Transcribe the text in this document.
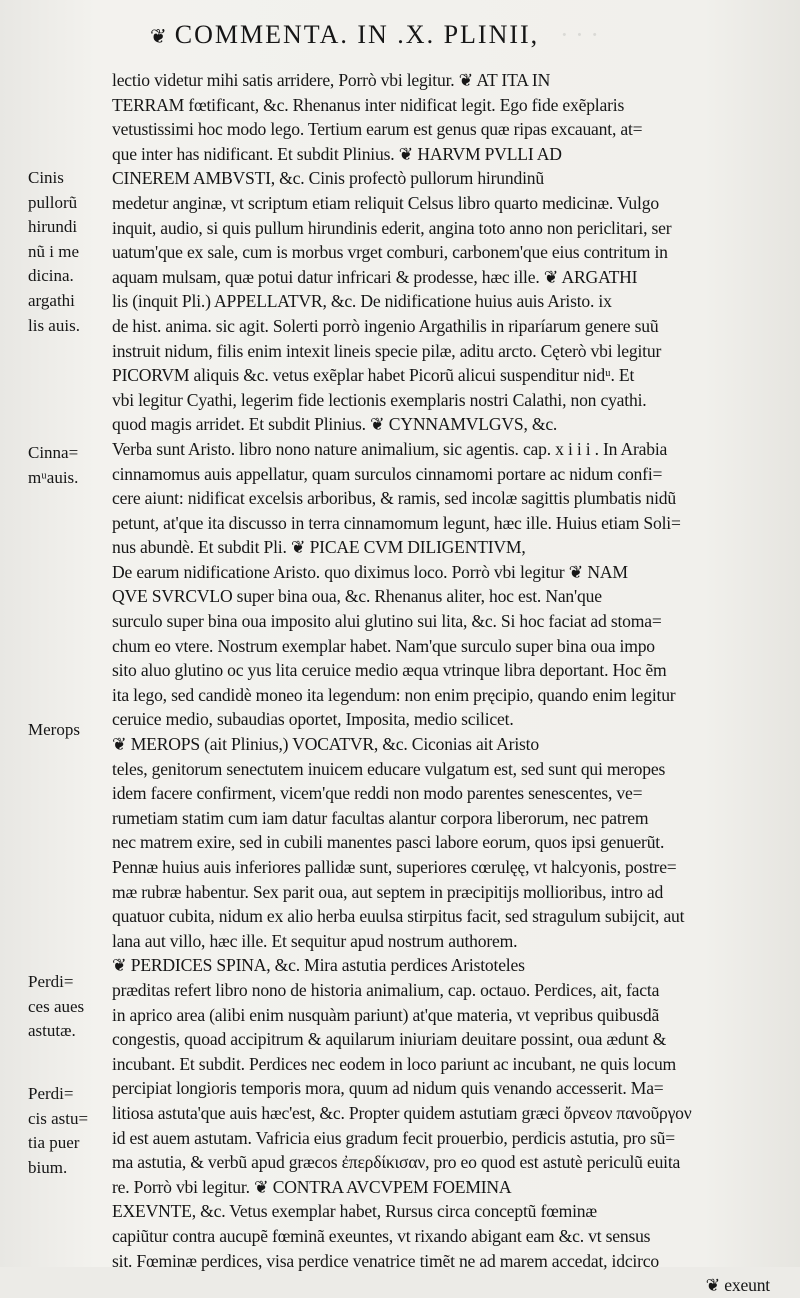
· · ·
❦ COMMENTA. IN .X. PLINII,
lectio videtur mihi satis arridere, Porrò vbi legitur. ❦ AT ITA IN
TERRAM fœtificant, &c. Rhenanus inter nidificat legit. Ego fide exẽplaris
vetustissimi hoc modo lego. Tertium earum est genus quæ ripas excauant, at=
que inter has nidificant. Et subdit Plinius. ❦ HARVM PVLLI AD
CINEREM AMBVSTI, &c. Cinis profectò pullorum hirundinũ
medetur anginæ, vt scriptum etiam reliquit Celsus libro quarto medicinæ. Vulgo
inquit, audio, si quis pullum hirundinis ederit, angina toto anno non periclitari, ser
uatum'que ex sale, cum is morbus vrget comburi, carbonem'que eius contritum in
aquam mulsam, quæ potui datur infricari & prodesse, hæc ille. ❦ ARGATHI
lis (inquit Pli.) APPELLATVR, &c. De nidificatione huius auis Aristo. ix
de hist. anima. sic agit. Solerti porrò ingenio Argathilis in riparíarum genere suũ
instruit nidum, filis enim intexit lineis specie pilæ, aditu arcto. Cęterò vbi legitur
PICORVM aliquis &c. vetus exẽplar habet Picorũ alicui suspenditur nidᵘ. Et
vbi legitur Cyathi, legerim fide lectionis exemplaris nostri Calathi, non cyathi.
quod magis arridet. Et subdit Plinius. ❦ CYNNAMVLGVS, &c.
Verba sunt Aristo. libro nono nature animalium, sic agentis. cap. x i i i . In Arabia
cinnamomus auis appellatur, quam surculos cinnamomi portare ac nidum confi=
cere aiunt: nidificat excelsis arboribus, & ramis, sed incolæ sagittis plumbatis nidũ
petunt, at'que ita discusso in terra cinnamomum legunt, hæc ille. Huius etiam Soli=
nus abundè. Et subdit Pli. ❦ PICAE CVM DILIGENTIVM,
De earum nidificatione Aristo. quo diximus loco. Porrò vbi legitur ❦ NAM
QVE SVRCVLO super bina oua, &c. Rhenanus aliter, hoc est. Nan'que
surculo super bina oua imposito alui glutino sui lita, &c. Si hoc faciat ad stoma=
chum eo vtere. Nostrum exemplar habet. Nam'que surculo super bina oua impo
sito aluo glutino oc yus lita ceruice medio æqua vtrinque libra deportant. Hoc ẽm
ita lego, sed candidè moneo ita legendum: non enim pręcipio, quando enim legitur
ceruice medio, subaudias oportet, Imposita, medio scilicet.
❦ MEROPS (ait Plinius,) VOCATVR, &c. Ciconias ait Aristo
teles, genitorum senectutem inuicem educare vulgatum est, sed sunt qui meropes
idem facere confirment, vicem'que reddi non modo parentes senescentes, ve=
rumetiam statim cum iam datur facultas alantur corpora liberorum, nec patrem
nec matrem exire, sed in cubili manentes pasci labore eorum, quos ipsi genuerũt.
Pennæ huius auis inferiores pallidæ sunt, superiores cœrulęę, vt halcyonis, postre=
mæ rubræ habentur. Sex parit oua, aut septem in præcipitijs mollioribus, intro ad
quatuor cubita, nidum ex alio herba euulsa stirpitus facit, sed stragulum subijcit, aut
lana aut villo, hæc ille. Et sequitur apud nostrum authorem.
❦ PERDICES SPINA, &c. Mira astutia perdices Aristoteles
præditas refert libro nono de historia animalium, cap. octauo. Perdices, ait, facta
in aprico area (alibi enim nusquàm pariunt) at'que materia, vt vepribus quibusdã
congestis, quoad accipitrum & aquilarum iniuriam deuitare possint, oua ædunt &
incubant. Et subdit. Perdices nec eodem in loco pariunt ac incubant, ne quis locum
percipiat longioris temporis mora, quum ad nidum quis venando accesserit. Ma=
litiosa astuta'que auis hæc'est, &c. Propter quidem astutiam græci ὄρνεον πανοῦργον
id est auem astutam. Vafricia eius gradum fecit prouerbio, perdicis astutia, pro sũ=
ma astutia, & verbũ apud græcos ἐπερδίκισαν, pro eo quod est astutè periculũ euita
re. Porrò vbi legitur. ❦ CONTRA AVCVPEM FOEMINA
EXEVNTE, &c. Vetus exemplar habet, Rursus circa conceptũ fœminæ
capiũtur contra aucupẽ fœminã exeuntes, vt rixando abigant eam &c. vt sensus
sit. Fœminæ perdices, visa perdice venatrice timẽt ne ad marem accedat, idcirco
❦ exeunt
Cinis
pullorũ
hirundi
nũ i me
dicina.
argathi
lis auis.
Cinna=
mᵘauis.
Merops
Perdi=
ces aues
astutæ.
Perdi=
cis astu=
tia puer
bium.
